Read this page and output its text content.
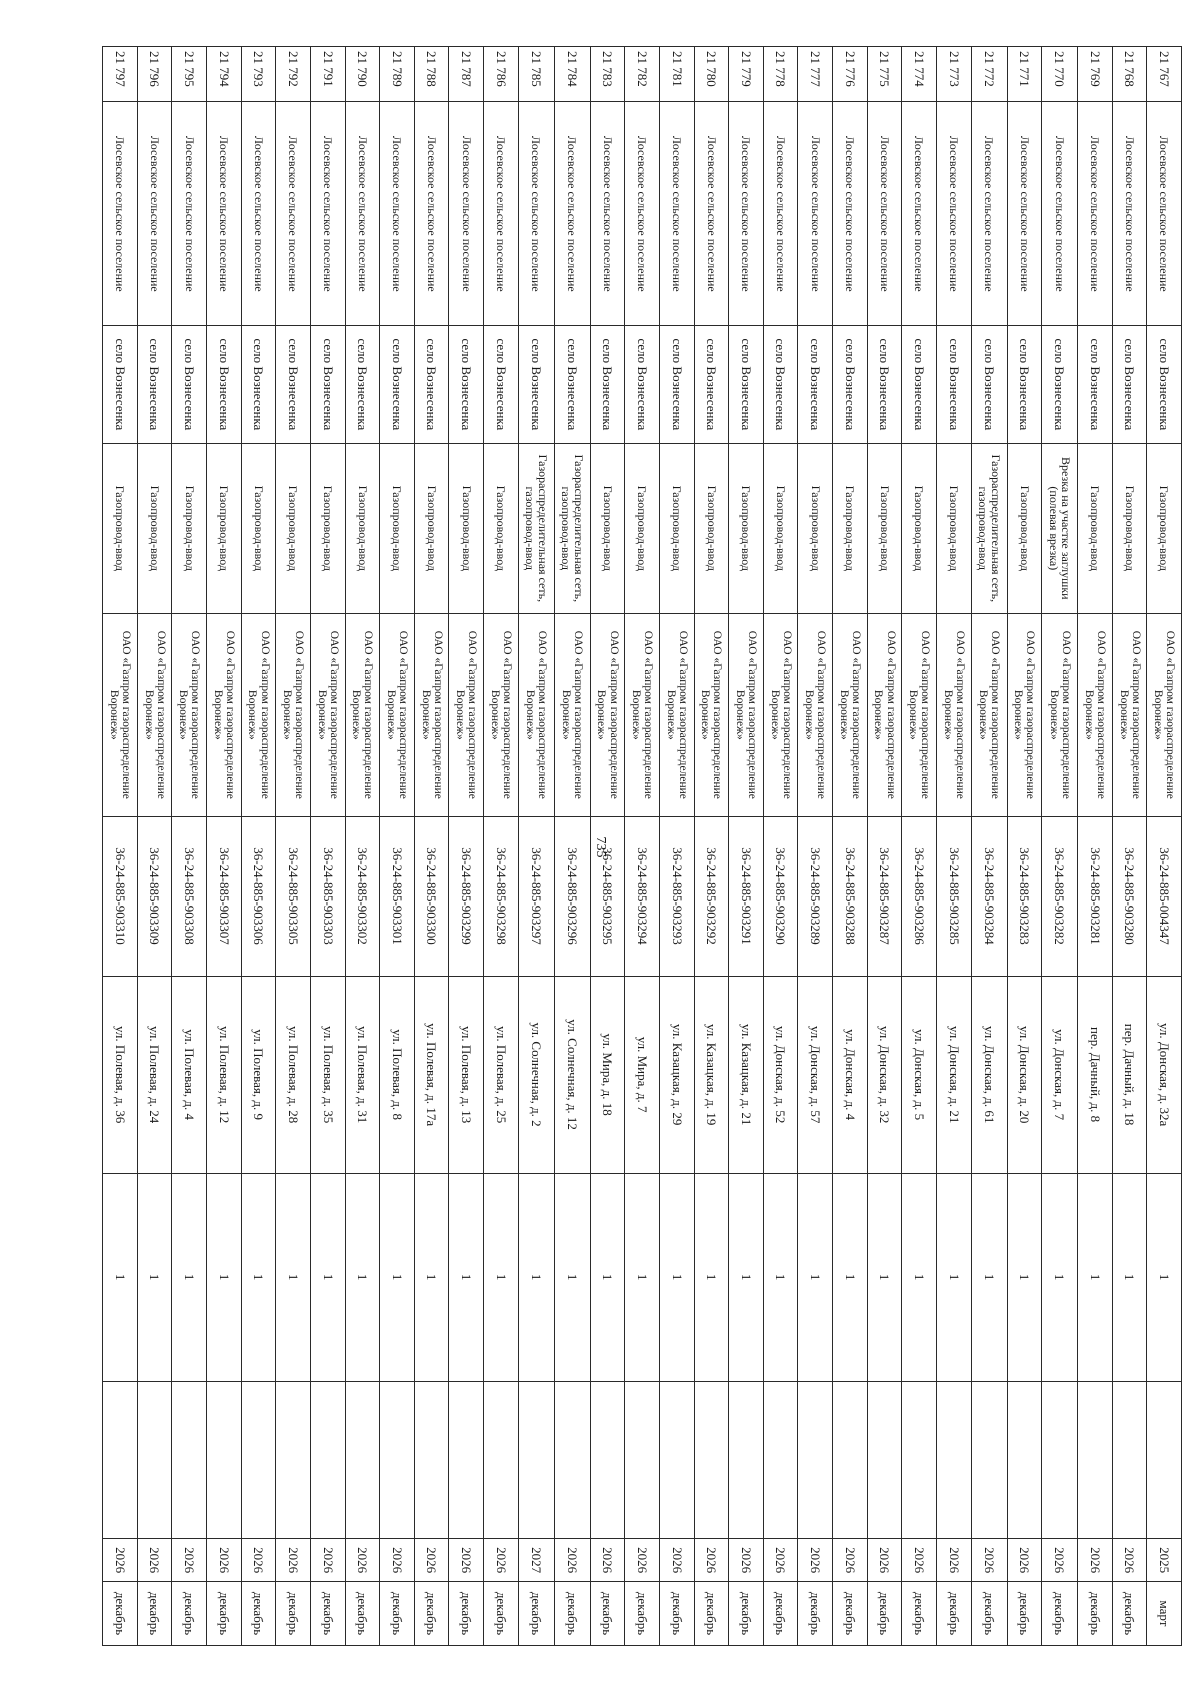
735
21 767	Лосевское сельское поселение	село Вознесенка	Газопровод-ввод	ОАО «Газпром газораспределение Воронеж»	36-24-885-004347	ул. Донская, д. 32а	1		2025	март
21 768	Лосевское сельское поселение	село Вознесенка	Газопровод-ввод	ОАО «Газпром газораспределение Воронеж»	36-24-885-903280	пер. Дачный, д. 18	1		2026	декабрь
21 769	Лосевское сельское поселение	село Вознесенка	Газопровод-ввод	ОАО «Газпром газораспределение Воронеж»	36-24-885-903281	пер. Дачный, д. 8	1		2026	декабрь
21 770	Лосевское сельское поселение	село Вознесенка	Врезка на участке заглушки (полевая врезка)	ОАО «Газпром газораспределение Воронеж»	36-24-885-903282	ул. Донская, д. 7	1		2026	декабрь
21 771	Лосевское сельское поселение	село Вознесенка	Газопровод-ввод	ОАО «Газпром газораспределение Воронеж»	36-24-885-903283	ул. Донская, д. 20	1		2026	декабрь
21 772	Лосевское сельское поселение	село Вознесенка	Газораспределительная сеть, газопровод-ввод	ОАО «Газпром газораспределение Воронеж»	36-24-885-903284	ул. Донская, д. 61	1		2026	декабрь
21 773	Лосевское сельское поселение	село Вознесенка	Газопровод-ввод	ОАО «Газпром газораспределение Воронеж»	36-24-885-903285	ул. Донская, д. 21	1		2026	декабрь
21 774	Лосевское сельское поселение	село Вознесенка	Газопровод-ввод	ОАО «Газпром газораспределение Воронеж»	36-24-885-903286	ул. Донская, д. 5	1		2026	декабрь
21 775	Лосевское сельское поселение	село Вознесенка	Газопровод-ввод	ОАО «Газпром газораспределение Воронеж»	36-24-885-903287	ул. Донская, д. 32	1		2026	декабрь
21 776	Лосевское сельское поселение	село Вознесенка	Газопровод-ввод	ОАО «Газпром газораспределение Воронеж»	36-24-885-903288	ул. Донская, д. 4	1		2026	декабрь
21 777	Лосевское сельское поселение	село Вознесенка	Газопровод-ввод	ОАО «Газпром газораспределение Воронеж»	36-24-885-903289	ул. Донская, д. 57	1		2026	декабрь
21 778	Лосевское сельское поселение	село Вознесенка	Газопровод-ввод	ОАО «Газпром газораспределение Воронеж»	36-24-885-903290	ул. Донская, д. 52	1		2026	декабрь
21 779	Лосевское сельское поселение	село Вознесенка	Газопровод-ввод	ОАО «Газпром газораспределение Воронеж»	36-24-885-903291	ул. Казацкая, д. 21	1		2026	декабрь
21 780	Лосевское сельское поселение	село Вознесенка	Газопровод-ввод	ОАО «Газпром газораспределение Воронеж»	36-24-885-903292	ул. Казацкая, д. 19	1		2026	декабрь
21 781	Лосевское сельское поселение	село Вознесенка	Газопровод-ввод	ОАО «Газпром газораспределение Воронеж»	36-24-885-903293	ул. Казацкая, д. 29	1		2026	декабрь
21 782	Лосевское сельское поселение	село Вознесенка	Газопровод-ввод	ОАО «Газпром газораспределение Воронеж»	36-24-885-903294	ул. Мира, д. 7	1		2026	декабрь
21 783	Лосевское сельское поселение	село Вознесенка	Газопровод-ввод	ОАО «Газпром газораспределение Воронеж»	36-24-885-903295	ул. Мира, д. 18	1		2026	декабрь
21 784	Лосевское сельское поселение	село Вознесенка	Газораспределительная сеть, газопровод-ввод	ОАО «Газпром газораспределение Воронеж»	36-24-885-903296	ул. Солнечная, д. 12	1		2026	декабрь
21 785	Лосевское сельское поселение	село Вознесенка	Газораспределительная сеть, газопровод-ввод	ОАО «Газпром газораспределение Воронеж»	36-24-885-903297	ул. Солнечная, д. 2	1		2027	декабрь
21 786	Лосевское сельское поселение	село Вознесенка	Газопровод-ввод	ОАО «Газпром газораспределение Воронеж»	36-24-885-903298	ул. Полевая, д. 25	1		2026	декабрь
21 787	Лосевское сельское поселение	село Вознесенка	Газопровод-ввод	ОАО «Газпром газораспределение Воронеж»	36-24-885-903299	ул. Полевая, д. 13	1		2026	декабрь
21 788	Лосевское сельское поселение	село Вознесенка	Газопровод-ввод	ОАО «Газпром газораспределение Воронеж»	36-24-885-903300	ул. Полевая, д. 17а	1		2026	декабрь
21 789	Лосевское сельское поселение	село Вознесенка	Газопровод-ввод	ОАО «Газпром газораспределение Воронеж»	36-24-885-903301	ул. Полевая, д. 8	1		2026	декабрь
21 790	Лосевское сельское поселение	село Вознесенка	Газопровод-ввод	ОАО «Газпром газораспределение Воронеж»	36-24-885-903302	ул. Полевая, д. 31	1		2026	декабрь
21 791	Лосевское сельское поселение	село Вознесенка	Газопровод-ввод	ОАО «Газпром газораспределение Воронеж»	36-24-885-903303	ул. Полевая, д. 35	1		2026	декабрь
21 792	Лосевское сельское поселение	село Вознесенка	Газопровод-ввод	ОАО «Газпром газораспределение Воронеж»	36-24-885-903305	ул. Полевая, д. 28	1		2026	декабрь
21 793	Лосевское сельское поселение	село Вознесенка	Газопровод-ввод	ОАО «Газпром газораспределение Воронеж»	36-24-885-903306	ул. Полевая, д. 9	1		2026	декабрь
21 794	Лосевское сельское поселение	село Вознесенка	Газопровод-ввод	ОАО «Газпром газораспределение Воронеж»	36-24-885-903307	ул. Полевая, д. 12	1		2026	декабрь
21 795	Лосевское сельское поселение	село Вознесенка	Газопровод-ввод	ОАО «Газпром газораспределение Воронеж»	36-24-885-903308	ул. Полевая, д. 4	1		2026	декабрь
21 796	Лосевское сельское поселение	село Вознесенка	Газопровод-ввод	ОАО «Газпром газораспределение Воронеж»	36-24-885-903309	ул. Полевая, д. 24	1		2026	декабрь
21 797	Лосевское сельское поселение	село Вознесенка	Газопровод-ввод	ОАО «Газпром газораспределение Воронеж»	36-24-885-903310	ул. Полевая, д. 36	1		2026	декабрь
